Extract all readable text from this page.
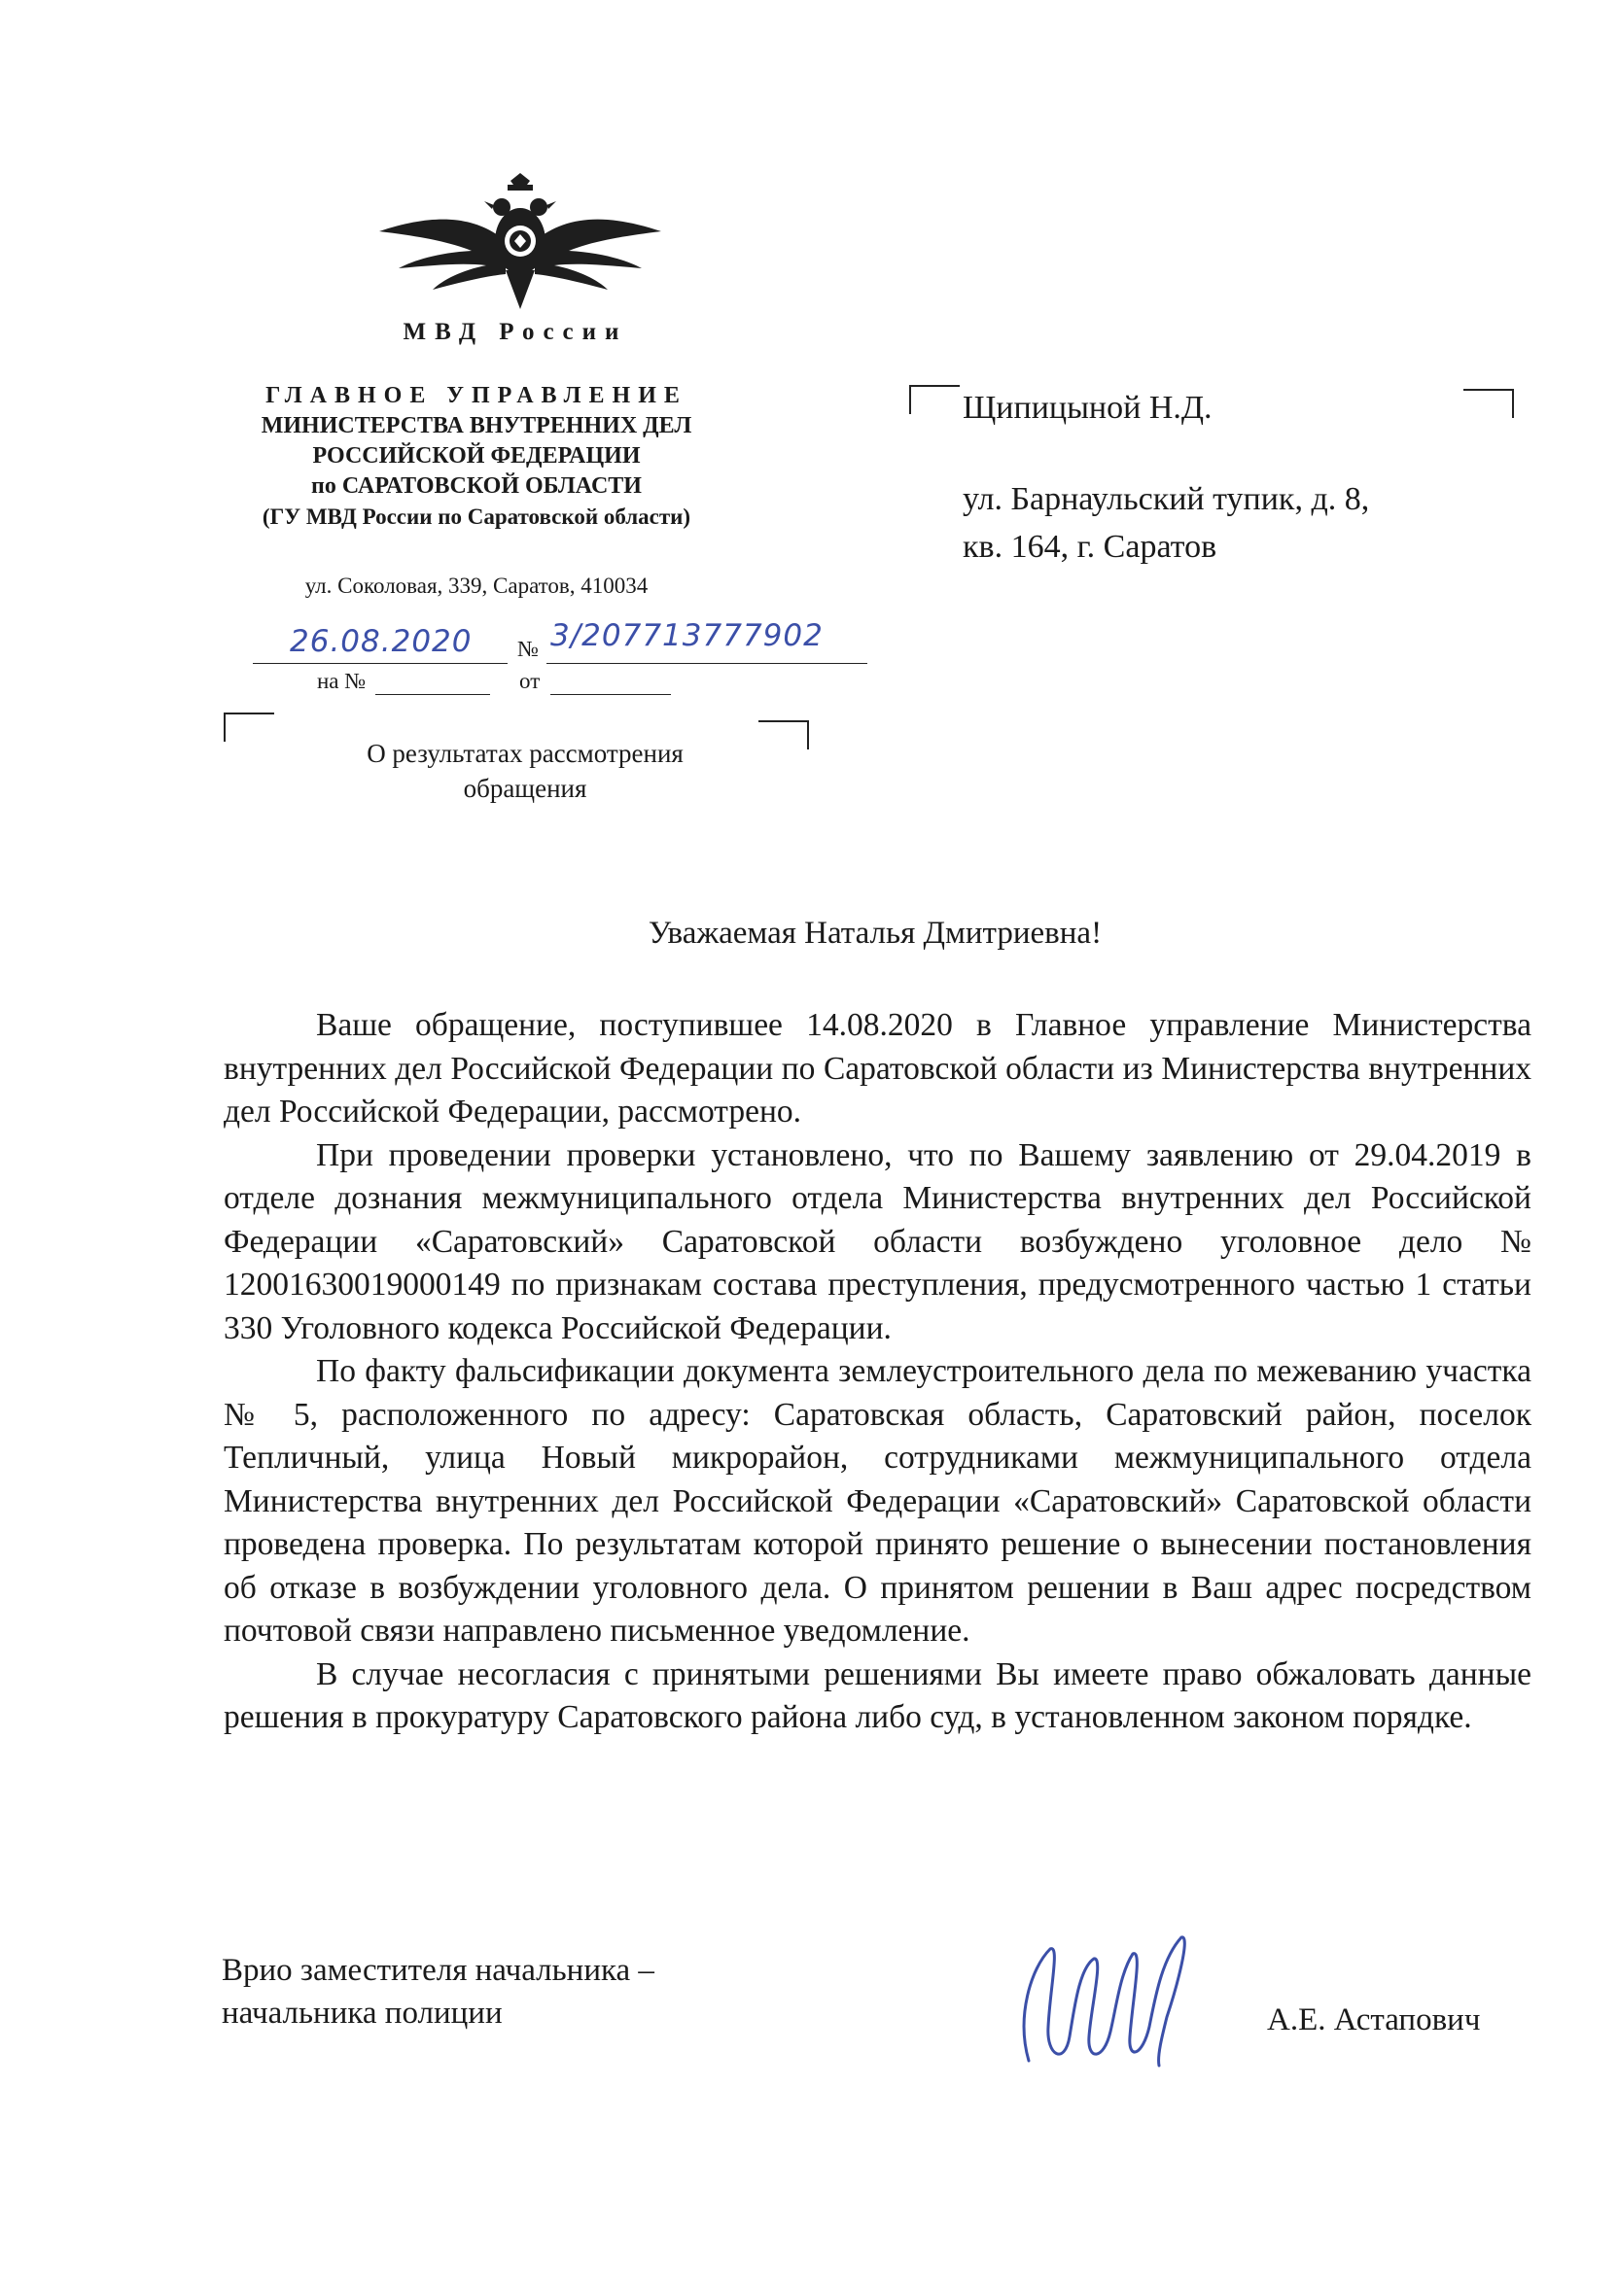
МВД России
ГЛАВНОЕ УПРАВЛЕНИЕ
МИНИСТЕРСТВА ВНУТРЕННИХ ДЕЛ
РОССИЙСКОЙ ФЕДЕРАЦИИ
по САРАТОВСКОЙ ОБЛАСТИ
(ГУ МВД России по Саратовской области)
ул. Соколовая, 339, Саратов, 410034
26.08.2020 № 3/207713777902
на №	от
О результатах рассмотрения
обращения
Щипицыной Н.Д.
ул. Барнаульский тупик, д. 8,
кв. 164, г. Саратов
Уважаемая Наталья Дмитриевна!

Ваше обращение, поступившее 14.08.2020 в Главное управление Министерства внутренних дел Российской Федерации по Саратовской области из Министерства внутренних дел Российской Федерации, рассмотрено.

При проведении проверки установлено, что по Вашему заявлению от 29.04.2019 в отделе дознания межмуниципального отдела Министерства внутренних дел Российской Федерации «Саратовский» Саратовской области возбуждено уголовное дело № 12001630019000149 по признакам состава преступления, предусмотренного частью 1 статьи 330 Уголовного кодекса Российской Федерации.

По факту фальсификации документа землеустроительного дела по межеванию участка № 5, расположенного по адресу: Саратовская область, Саратовский район, поселок Тепличный, улица Новый микрорайон, сотрудниками межмуниципального отдела Министерства внутренних дел Российской Федерации «Саратовский» Саратовской области проведена проверка. По результатам которой принято решение о вынесении постановления об отказе в возбуждении уголовного дела. О принятом решении в Ваш адрес посредством почтовой связи направлено письменное уведомление.

В случае несогласия с принятыми решениями Вы имеете право обжаловать данные решения в прокуратуру Саратовского района либо суд, в установленном законом порядке.

Врио заместителя начальника –
начальника полиции	А.Е. Астапович
